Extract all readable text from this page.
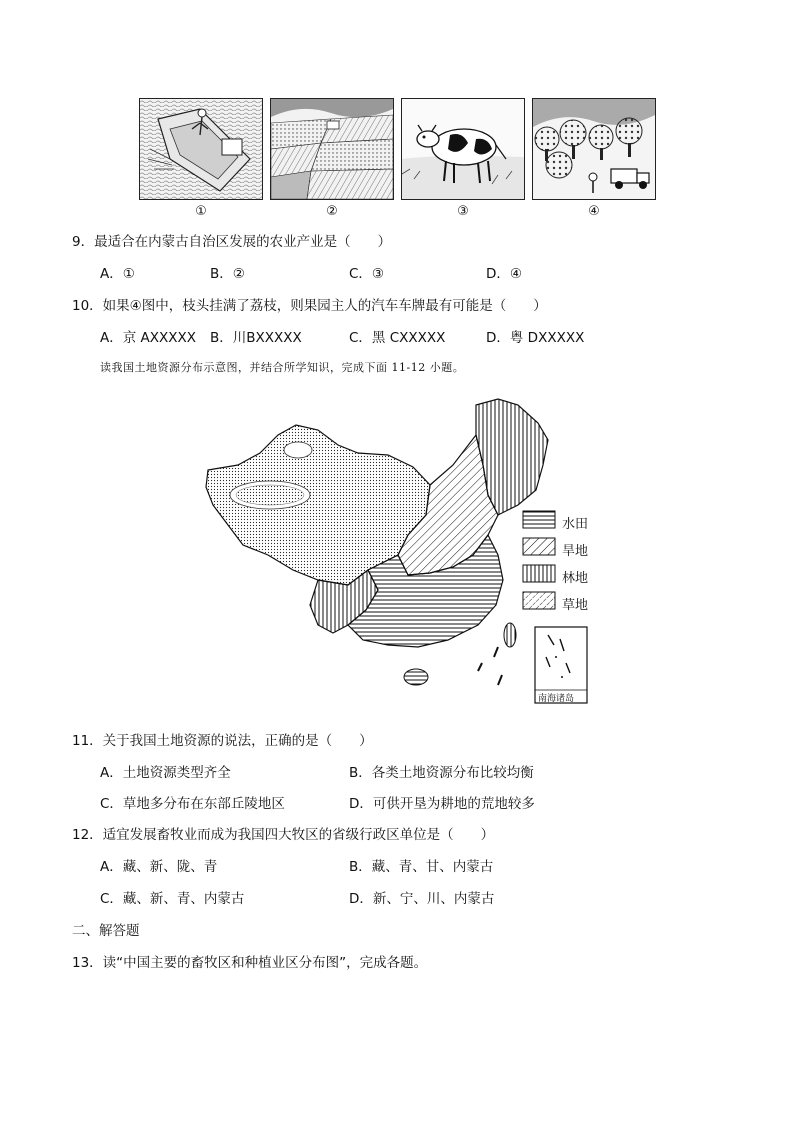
①	②	③	④
9．最适合在内蒙古自治区发展的农业产业是（　　）
A．①	B．②	C．③	D．④
10．如果④图中，枝头挂满了荔枝，则果园主人的汽车车牌最有可能是（　　）
A．京 AXXXXX B．川BXXXXX	C．黑 CXXXXX	D．粤 DXXXXX
读我国土地资源分布示意图，并结合所学知识，完成下面 11-12 小题。
水田
旱地
林地
草地
南海诸岛
11．关于我国土地资源的说法，正确的是（　　）
A．土地资源类型齐全	B．各类土地资源分布比较均衡
C．草地多分布在东部丘陵地区	D．可供开垦为耕地的荒地较多
12．适宜发展畜牧业而成为我国四大牧区的省级行政区单位是（　　）
A．藏、新、陇、青	B．藏、青、甘、内蒙古
C．藏、新、青、内蒙古	D．新、宁、川、内蒙古
二、解答题
13．读“中国主要的畜牧区和种植业区分布图”，完成各题。
